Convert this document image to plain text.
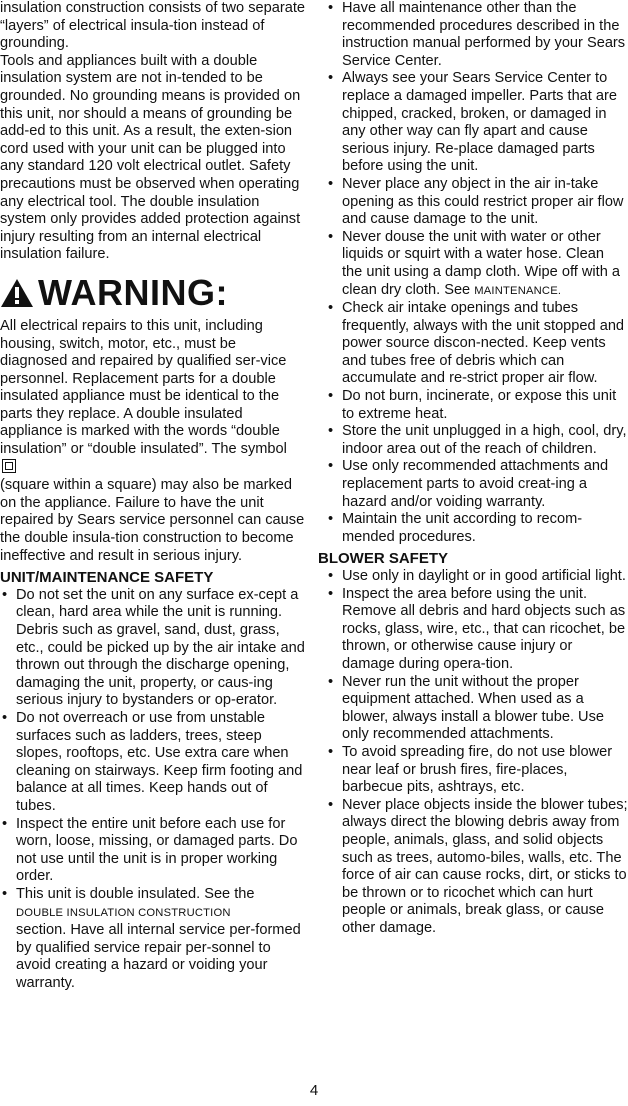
insulation construction consists of two separate “layers” of electrical insula-tion instead of grounding.

Tools and appliances built with a double insulation system are not in-tended to be grounded. No grounding means is provided on this unit, nor should a means of grounding be add-ed to this unit. As a result, the exten-sion cord used with your unit can be plugged into any standard 120 volt electrical outlet. Safety precautions must be observed when operating any electrical tool. The double insulation system only provides added protection against injury resulting from an internal electrical insulation failure.

WARNING:

All electrical repairs to this unit, including housing, switch, motor, etc., must be diagnosed and repaired by qualified ser-vice personnel. Replacement parts for a double insulated appliance must be identical to the parts they replace. A double insulated appliance is marked with the words “double insulation” or “double insulated”. The symbol
(square within a square) may also be marked on the appliance. Failure to have the unit repaired by Sears service personnel can cause the double insula-tion construction to become ineffective and result in serious injury.

UNIT/MAINTENANCE SAFETY
• Do not set the unit on any surface ex-cept a clean, hard area while the unit is running. Debris such as gravel, sand, dust, grass, etc., could be picked up by the air intake and thrown out through the discharge opening, damaging the unit, property, or caus-ing serious injury to bystanders or op-erator.
• Do not overreach or use from unstable surfaces such as ladders, trees, steep slopes, rooftops, etc. Use extra care when cleaning on stairways. Keep firm footing and balance at all times. Keep hands out of tubes.
• Inspect the entire unit before each use for worn, loose, missing, or damaged parts. Do not use until the unit is in proper working order.
• This unit is double insulated. See the
DOUBLE INSULATION CONSTRUCTION
section. Have all internal service per-formed by qualified service repair per-sonnel to avoid creating a hazard or voiding your warranty.
• Have all maintenance other than the recommended procedures described in the instruction manual performed by your Sears Service Center.
• Always see your Sears Service Center to replace a damaged impeller. Parts that are chipped, cracked, broken, or damaged in any other way can fly apart and cause serious injury. Re-place damaged parts before using the unit.
• Never place any object in the air in-take opening as this could restrict proper air flow and cause damage to the unit.
• Never douse the unit with water or other liquids or squirt with a water hose. Clean the unit using a damp cloth. Wipe off with a clean dry cloth. See MAINTENANCE.
• Check air intake openings and tubes frequently, always with the unit stopped and power source discon-nected. Keep vents and tubes free of debris which can accumulate and re-strict proper air flow.
• Do not burn, incinerate, or expose this unit to extreme heat.
• Store the unit unplugged in a high, cool, dry, indoor area out of the reach of children.
• Use only recommended attachments and replacement parts to avoid creat-ing a hazard and/or voiding warranty.
• Maintain the unit according to recom-mended procedures.
BLOWER SAFETY
• Use only in daylight or in good artificial light.
• Inspect the area before using the unit. Remove all debris and hard objects such as rocks, glass, wire, etc., that can ricochet, be thrown, or otherwise cause injury or damage during opera-tion.
• Never run the unit without the proper equipment attached. When used as a blower, always install a blower tube. Use only recommended attachments.
• To avoid spreading fire, do not use blower near leaf or brush fires, fire-places, barbecue pits, ashtrays, etc.
• Never place objects inside the blower tubes; always direct the blowing debris away from people, animals, glass, and solid objects such as trees, automo-biles, walls, etc. The force of air can cause rocks, dirt, or sticks to be thrown or to ricochet which can hurt people or animals, break glass, or cause other damage.
4
